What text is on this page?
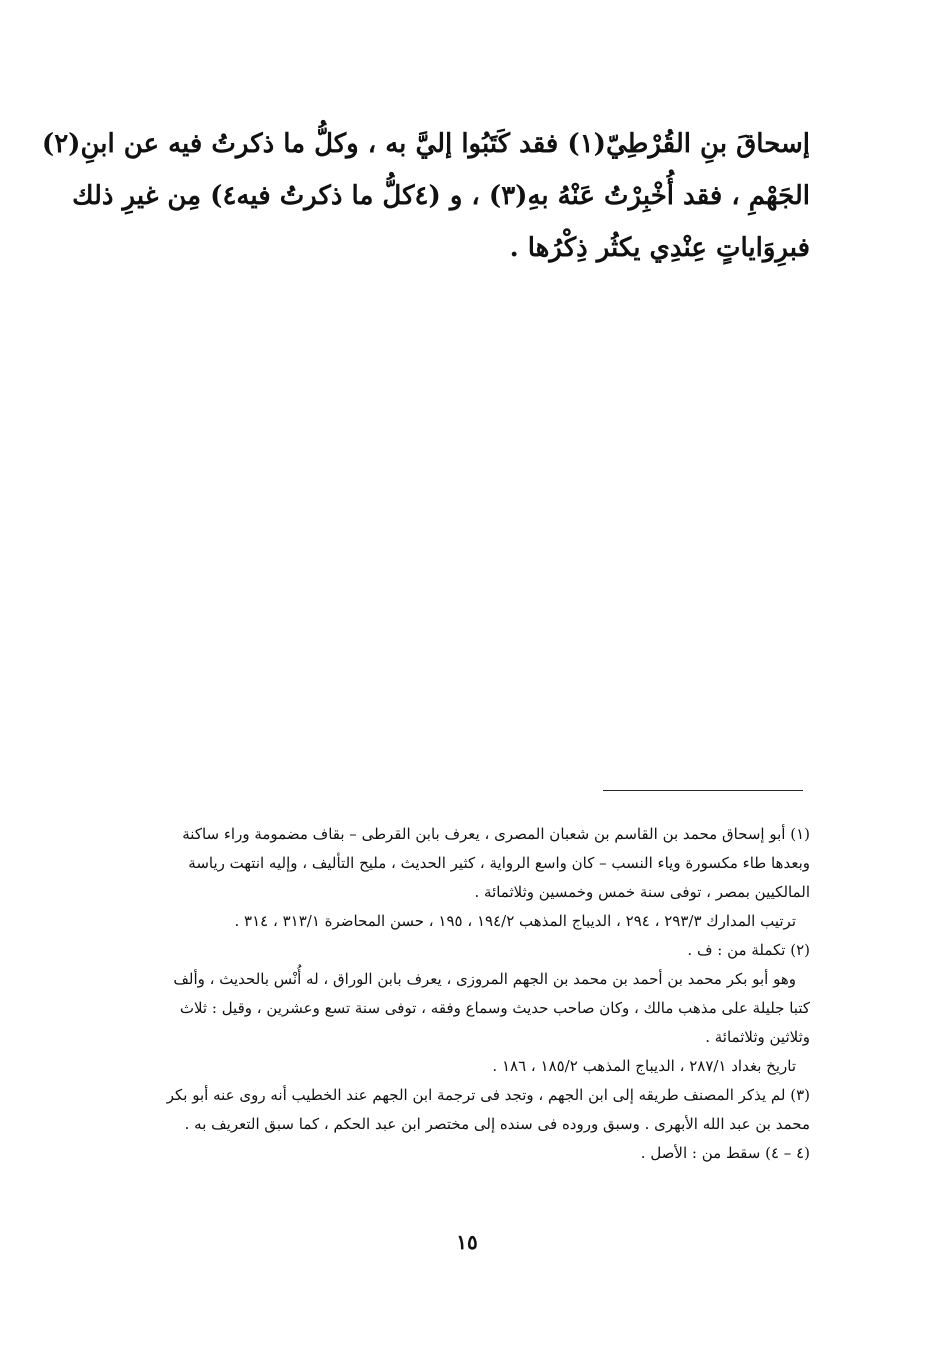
إسحاقَ بنِ القُرْطِيّ(١) فقد كَتَبُوا إليَّ به ، وكلُّ ما ذكرتُ فيه عن ابنِ(٢)
الجَهْمِ ، فقد أُخْبِرْتُ عَنْهُ بهِ(٣) ، و (٤كلُّ ما ذكرتُ فيه٤) مِن غيرِ ذلك
فبرِوَاياتٍ عِنْدِي يكثُر ذِكْرُها .
(١) أبو إسحاق محمد بن القاسم بن شعبان المصرى ، يعرف بابن القرطى – بقاف مضمومة وراء ساكنة
وبعدها طاء مكسورة وياء النسب – كان واسع الرواية ، كثير الحديث ، مليح التأليف ، وإليه انتهت رياسة
المالكيين بمصر ، توفى سنة خمس وخمسين وثلاثمائة .
ترتيب المدارك ٢٩٣/٣ ، ٢٩٤ ، الديباج المذهب ١٩٤/٢ ، ١٩٥ ، حسن المحاضرة ٣١٣/١ ، ٣١٤ .
(٢) تكملة من : ف .
وهو أبو بكر محمد بن أحمد بن محمد بن الجهم المروزى ، يعرف بابن الوراق ، له أُنْس بالحديث ، وألف
كتبا جليلة على مذهب مالك ، وكان صاحب حديث وسماع وفقه ، توفى سنة تسع وعشرين ، وقيل : ثلاث
وثلاثين وثلاثمائة .
تاريخ بغداد ٢٨٧/١ ، الديباج المذهب ١٨٥/٢ ، ١٨٦ .
(٣) لم يذكر المصنف طريقه إلى ابن الجهم ، وتجد فى ترجمة ابن الجهم عند الخطيب أنه روى عنه أبو بكر
محمد بن عبد الله الأبهرى . وسبق وروده فى سنده إلى مختصر ابن عبد الحكم ، كما سبق التعريف به .
(٤ – ٤) سقط من : الأصل .
١٥
